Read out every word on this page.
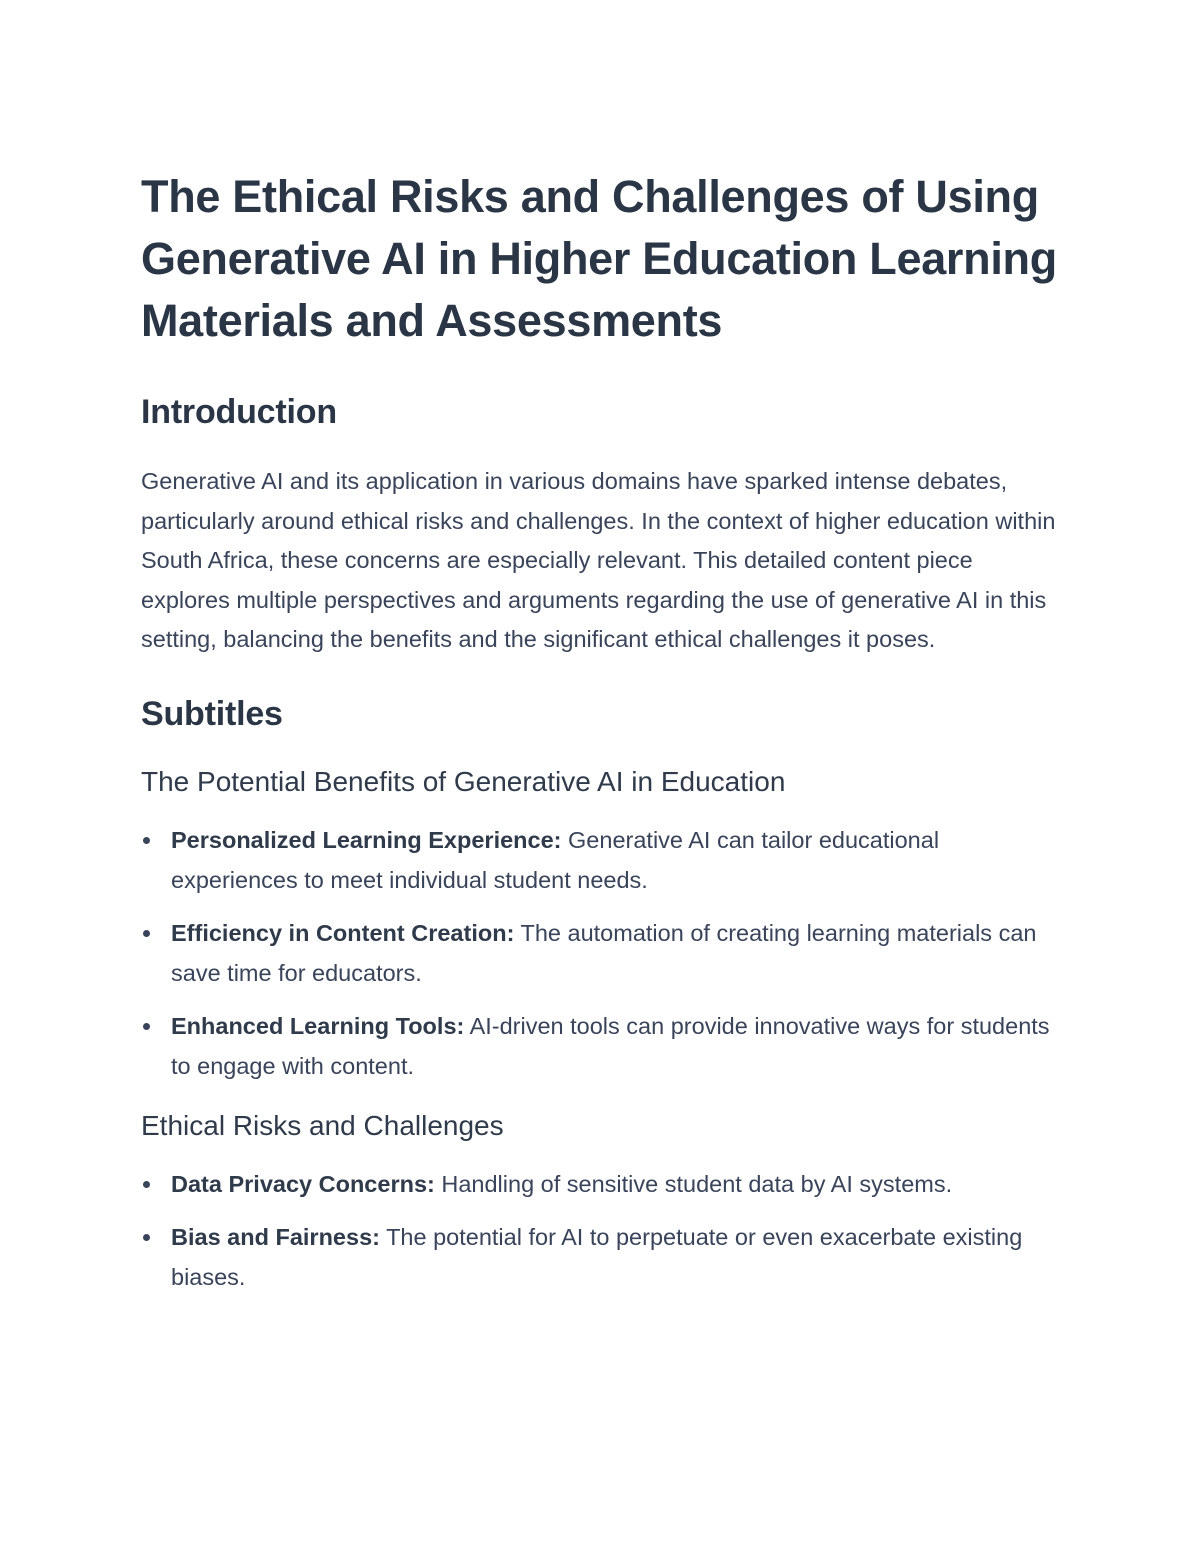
The Ethical Risks and Challenges of Using Generative AI in Higher Education Learning Materials and Assessments
Introduction

Generative AI and its application in various domains have sparked intense debates, particularly around ethical risks and challenges. In the context of higher education within South Africa, these concerns are especially relevant. This detailed content piece explores multiple perspectives and arguments regarding the use of generative AI in this setting, balancing the benefits and the significant ethical challenges it poses.

Subtitles
The Potential Benefits of Generative AI in Education
Personalized Learning Experience: Generative AI can tailor educational experiences to meet individual student needs.
Efficiency in Content Creation: The automation of creating learning materials can save time for educators.
Enhanced Learning Tools: AI-driven tools can provide innovative ways for students to engage with content.
Ethical Risks and Challenges
Data Privacy Concerns: Handling of sensitive student data by AI systems.
Bias and Fairness: The potential for AI to perpetuate or even exacerbate existing biases.
